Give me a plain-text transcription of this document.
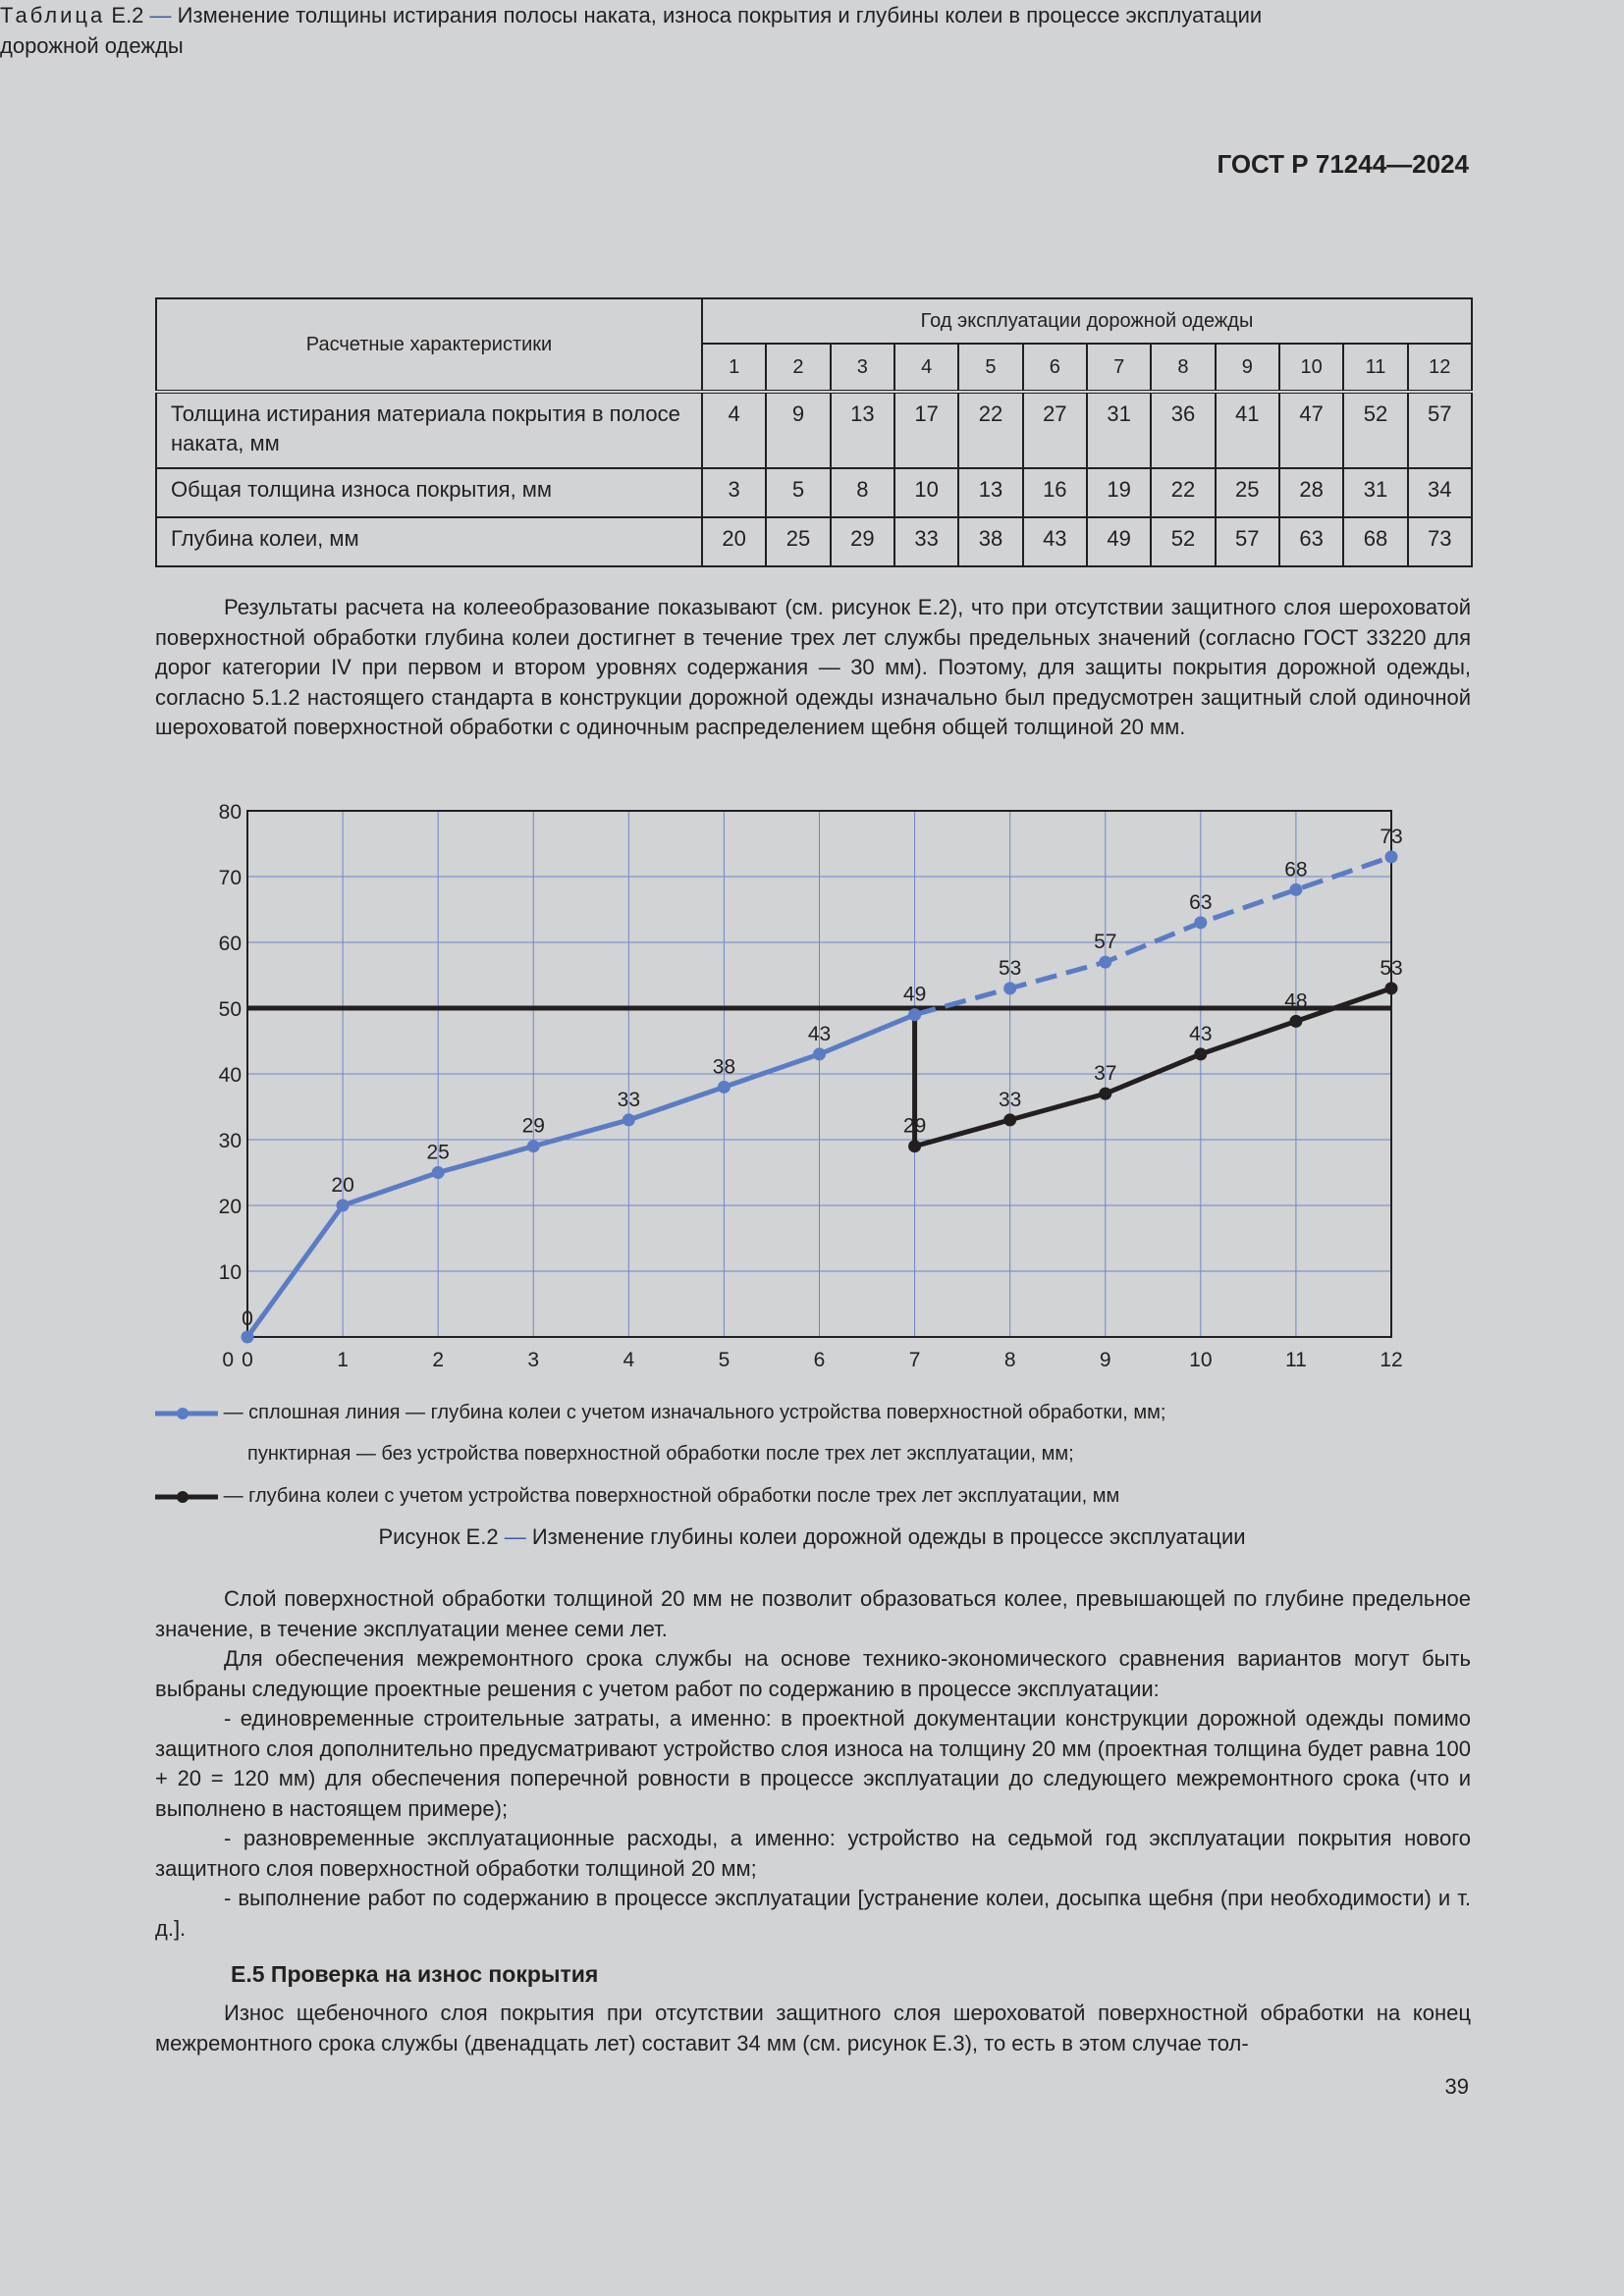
ГОСТ Р 71244—2024
Таблица Е.2 — Изменение толщины истирания полосы наката, износа покрытия и глубины колеи в процессе эксплуатации дорожной одежды
Расчетные характеристики	Год эксплуатации дорожной одежды											
	1	2	3	4	5	6	7	8	9	10	11	12
Толщина истирания материала покрытия в полосе наката, мм	4	9	13	17	22	27	31	36	41	47	52	57
Общая толщина износа покрытия, мм	3	5	8	10	13	16	19	22	25	28	31	34
Глубина колеи, мм	20	25	29	33	38	43	49	52	57	63	68	73
Результаты расчета на колееобразование показывают (см. рисунок Е.2), что при отсутствии защитного слоя шероховатой поверхностной обработки глубина колеи достигнет в течение трех лет службы предельных значений (согласно ГОСТ 33220 для дорог категории IV при первом и втором уровнях содержания — 30 мм). Поэтому, для защиты покрытия дорожной одежды, согласно 5.1.2 настоящего стандарта в конструкции дорожной одежды изначально был предусмотрен защитный слой одиночной шероховатой поверхностной обработки с одиночным распределением щебня общей толщиной 20 мм.
0	1	2	3	4	5	6	7	8	9	10	11	12
10
20
30
40
50
60
70
80
0
0
20
25
29
33
38
43
49
53
57
63
68
73
29
33
37
43
48
53
— сплошная линия — глубина колеи с учетом изначального устройства поверхностной обработки, мм;
пунктирная — без устройства поверхностной обработки после трех лет эксплуатации, мм;
— глубина колеи с учетом устройства поверхностной обработки после трех лет эксплуатации, мм
Рисунок Е.2 — Изменение глубины колеи дорожной одежды в процессе эксплуатации
Слой поверхностной обработки толщиной 20 мм не позволит образоваться колее, превышающей по глубине предельное значение, в течение эксплуатации менее семи лет.
Для обеспечения межремонтного срока службы на основе технико-экономического сравнения вариантов могут быть выбраны следующие проектные решения с учетом работ по содержанию в процессе эксплуатации:
- единовременные строительные затраты, а именно: в проектной документации конструкции дорожной одежды помимо защитного слоя дополнительно предусматривают устройство слоя износа на толщину 20 мм (проектная толщина будет равна 100 + 20 = 120 мм) для обеспечения поперечной ровности в процессе эксплуатации до следующего межремонтного срока (что и выполнено в настоящем примере);
- разновременные эксплуатационные расходы, а именно: устройство на седьмой год эксплуатации покрытия нового защитного слоя поверхностной обработки толщиной 20 мм;
- выполнение работ по содержанию в процессе эксплуатации [устранение колеи, досыпка щебня (при необходимости) и т. д.].
Е.5 Проверка на износ покрытия
Износ щебеночного слоя покрытия при отсутствии защитного слоя шероховатой поверхностной обработки на конец межремонтного срока службы (двенадцать лет) составит 34 мм (см. рисунок Е.3), то есть в этом случае тол-
39
